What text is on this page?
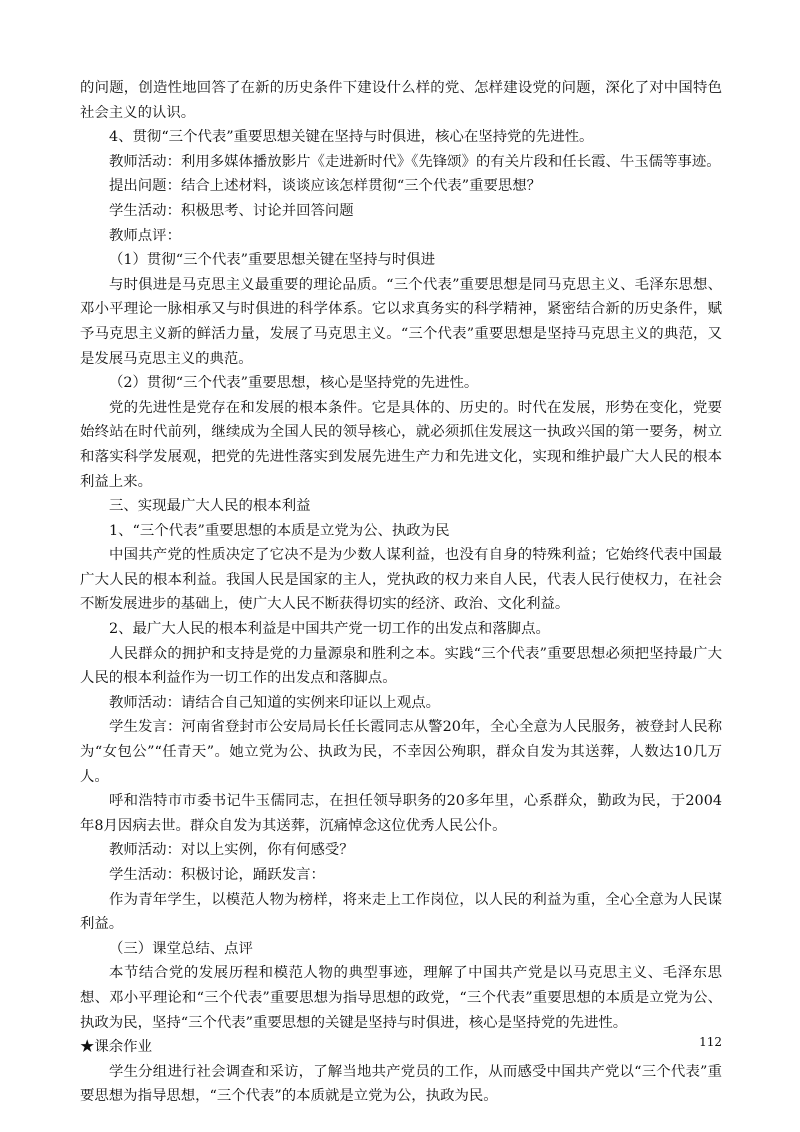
的问题，创造性地回答了在新的历史条件下建设什么样的党、怎样建设党的问题，深化了对中国特色社会主义的认识。

4、贯彻“三个代表”重要思想关键在坚持与时俱进，核心在坚持党的先进性。

教师活动：利用多媒体播放影片《走进新时代》《先锋颂》的有关片段和任长霞、牛玉儒等事迹。

提出问题：结合上述材料，谈谈应该怎样贯彻“三个代表”重要思想？

学生活动：积极思考、讨论并回答问题

教师点评：

（1）贯彻“三个代表”重要思想关键在坚持与时俱进

与时俱进是马克思主义最重要的理论品质。“三个代表”重要思想是同马克思主义、毛泽东思想、邓小平理论一脉相承又与时俱进的科学体系。它以求真务实的科学精神，紧密结合新的历史条件，赋予马克思主义新的鲜活力量，发展了马克思主义。“三个代表”重要思想是坚持马克思主义的典范，又是发展马克思主义的典范。

（2）贯彻“三个代表”重要思想，核心是坚持党的先进性。

党的先进性是党存在和发展的根本条件。它是具体的、历史的。时代在发展，形势在变化，党要始终站在时代前列，继续成为全国人民的领导核心，就必须抓住发展这一执政兴国的第一要务，树立和落实科学发展观，把党的先进性落实到发展先进生产力和先进文化，实现和维护最广大人民的根本利益上来。

三、实现最广大人民的根本利益

1、“三个代表”重要思想的本质是立党为公、执政为民

中国共产党的性质决定了它决不是为少数人谋利益，也没有自身的特殊利益；它始终代表中国最广大人民的根本利益。我国人民是国家的主人，党执政的权力来自人民，代表人民行使权力，在社会不断发展进步的基础上，使广大人民不断获得切实的经济、政治、文化利益。

2、最广大人民的根本利益是中国共产党一切工作的出发点和落脚点。

人民群众的拥护和支持是党的力量源泉和胜利之本。实践“三个代表”重要思想必须把坚持最广大人民的根本利益作为一切工作的出发点和落脚点。

教师活动：请结合自己知道的实例来印证以上观点。

学生发言：河南省登封市公安局局长任长霞同志从警20年，全心全意为人民服务，被登封人民称为“女包公”“任青天”。她立党为公、执政为民，不幸因公殉职，群众自发为其送葬，人数达10几万人。

呼和浩特市市委书记牛玉儒同志，在担任领导职务的20多年里，心系群众，勤政为民，于2004年8月因病去世。群众自发为其送葬，沉痛悼念这位优秀人民公仆。

教师活动：对以上实例，你有何感受？

学生活动：积极讨论，踊跃发言：

作为青年学生，以模范人物为榜样，将来走上工作岗位，以人民的利益为重，全心全意为人民谋利益。

（三）课堂总结、点评

本节结合党的发展历程和模范人物的典型事迹，理解了中国共产党是以马克思主义、毛泽东思想、邓小平理论和“三个代表”重要思想为指导思想的政党，“三个代表”重要思想的本质是立党为公、执政为民，坚持“三个代表”重要思想的关键是坚持与时俱进，核心是坚持党的先进性。

★课余作业

学生分组进行社会调查和采访，了解当地共产党员的工作，从而感受中国共产党以“三个代表”重要思想为指导思想，“三个代表”的本质就是立党为公，执政为民。

112
